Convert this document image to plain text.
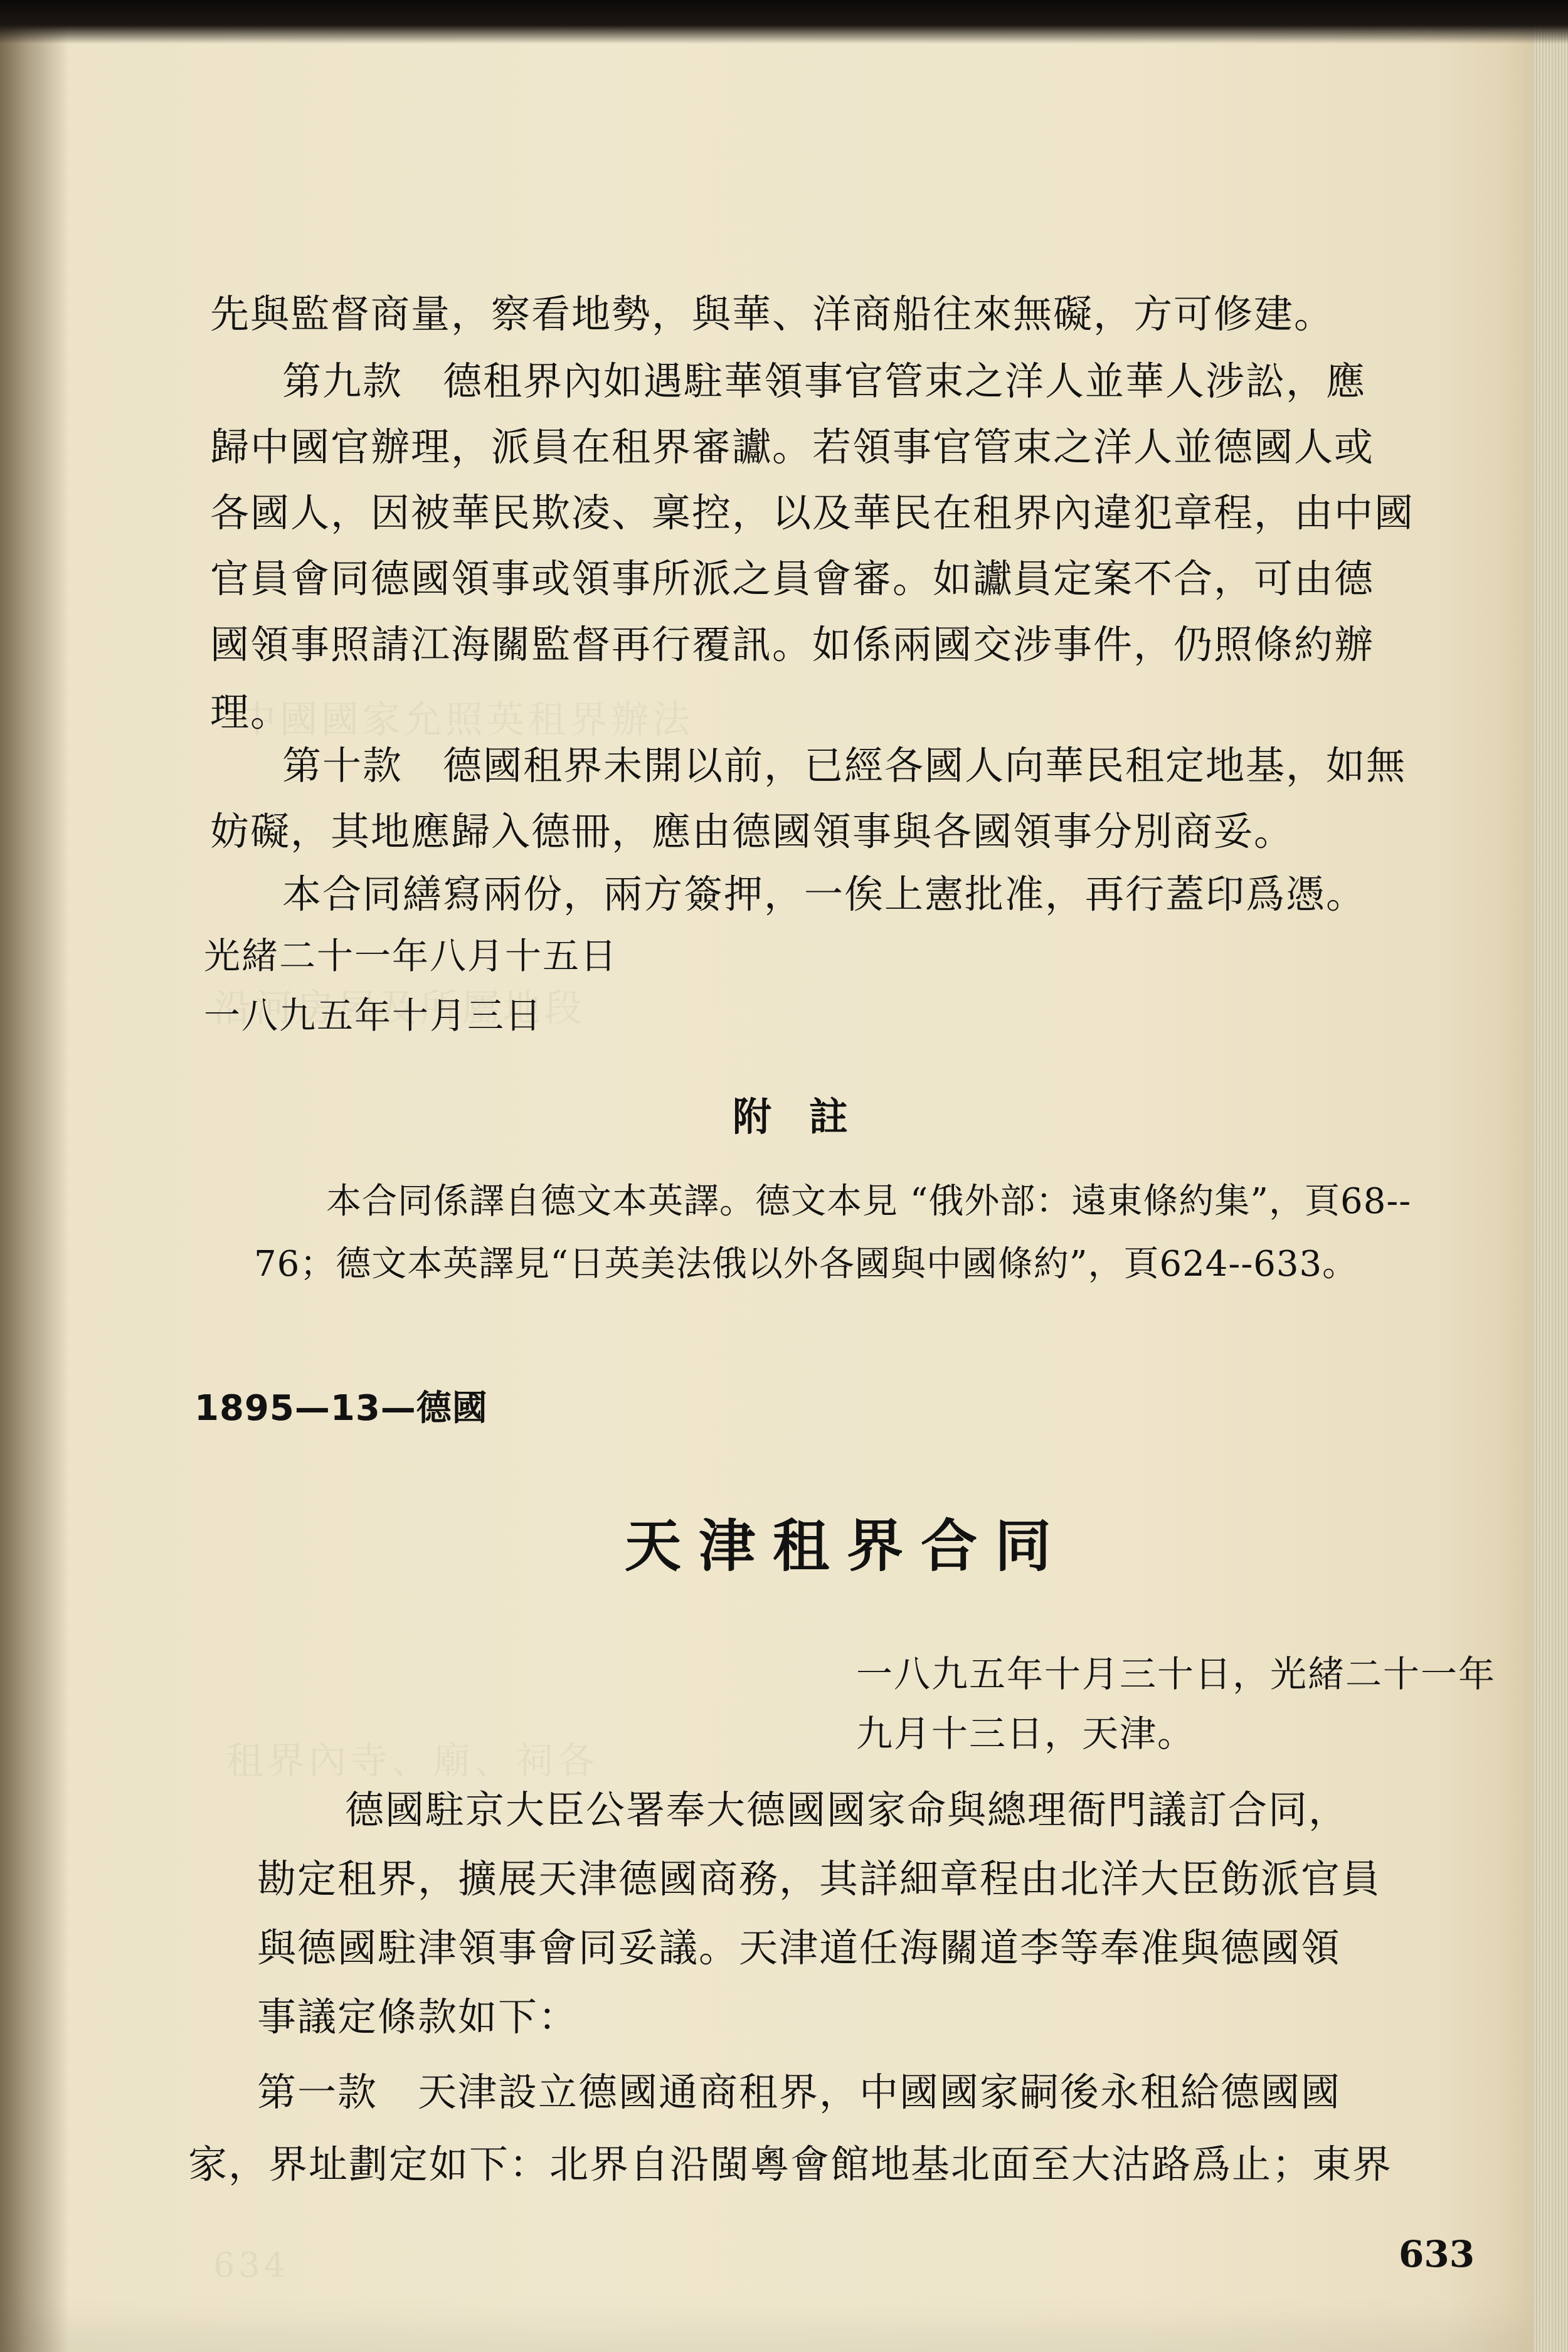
先與監督商量，察看地勢，與華、洋商船往來無礙，方可修建。
第九款　德租界內如遇駐華領事官管束之洋人並華人涉訟，應
歸中國官辦理，派員在租界審讞。若領事官管束之洋人並德國人或
各國人，因被華民欺凌、稟控，以及華民在租界內違犯章程，由中國
官員會同德國領事或領事所派之員會審。如讞員定案不合，可由德
國領事照請江海關監督再行覆訊。如係兩國交涉事件，仍照條約辦
理。
第十款　德國租界未開以前，已經各國人向華民租定地基，如無
妨礙，其地應歸入德冊，應由德國領事與各國領事分別商妥。
本合同繕寫兩份，兩方簽押，一俟上憲批准，再行蓋印爲憑。
光緒二十一年八月十五日
一八九五年十月三日
附註
本合同係譯自德文本英譯。德文本見 “俄外部：遠東條約集”，頁68--
76；德文本英譯見“日英美法俄以外各國與中國條約”，頁624--633。
1895—13—德國
天津租界合同
一八九五年十月三十日，光緒二十一年
九月十三日，天津。
德國駐京大臣公署奉大德國國家命與總理衙門議訂合同，
勘定租界，擴展天津德國商務，其詳細章程由北洋大臣飭派官員
與德國駐津領事會同妥議。天津道任海關道李等奉准與德國領
事議定條款如下：
第一款　天津設立德國通商租界，中國國家嗣後永租給德國國
家，界址劃定如下：北界自沿閩粵會館地基北面至大沽路爲止；東界
633
